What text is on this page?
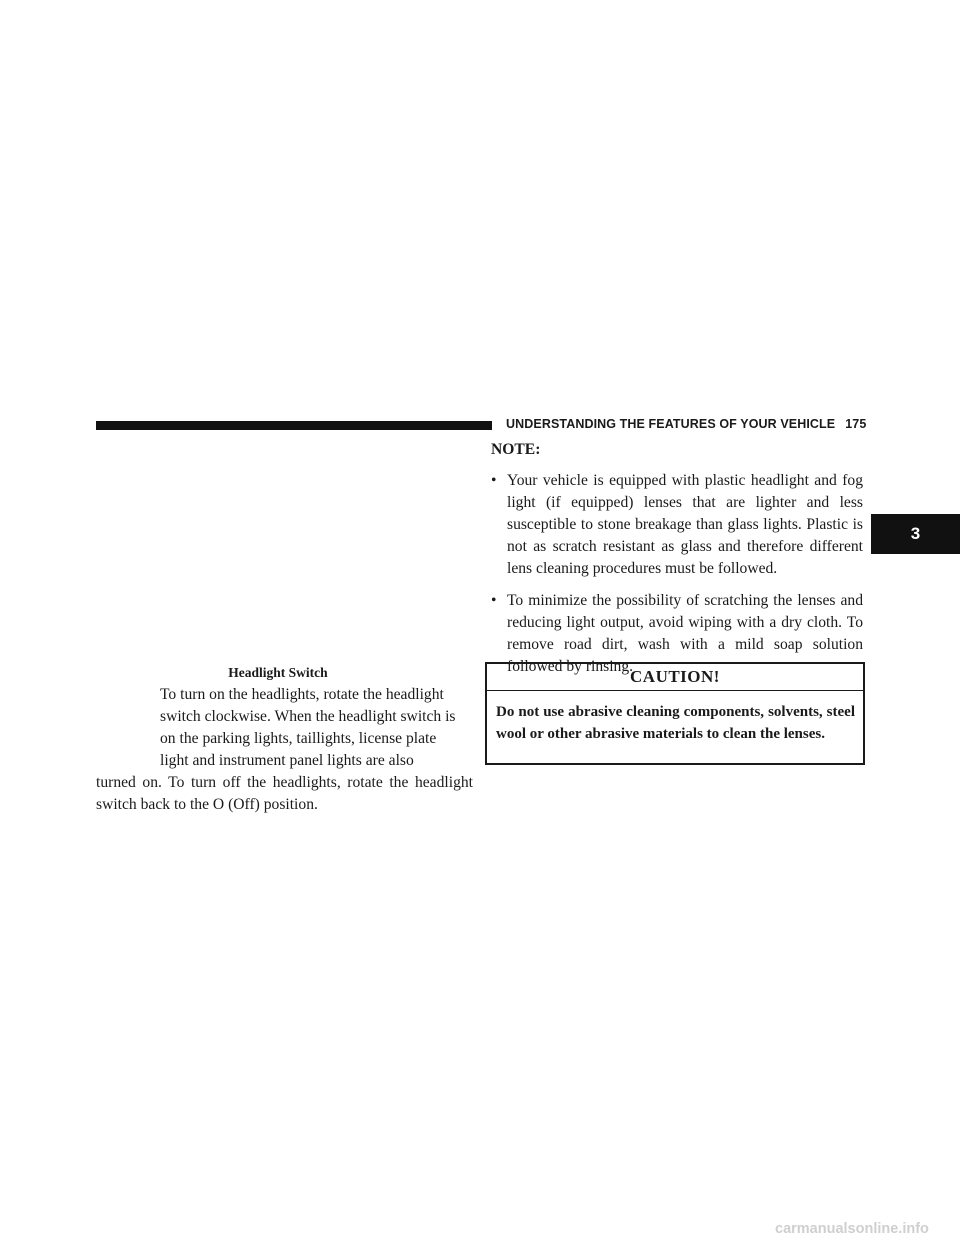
UNDERSTANDING THE FEATURES OF YOUR VEHICLE 175
3
Headlight Switch
To turn on the headlights, rotate the headlight
switch clockwise. When the headlight switch is
on the parking lights, taillights, license plate
light and instrument panel lights are also
turned on. To turn off the headlights, rotate the headlight switch back to the O (Off) position.
NOTE:
• Your vehicle is equipped with plastic headlight and fog light (if equipped) lenses that are lighter and less susceptible to stone breakage than glass lights. Plastic is not as scratch resistant as glass and therefore different lens cleaning procedures must be followed.
• To minimize the possibility of scratching the lenses and reducing light output, avoid wiping with a dry cloth. To remove road dirt, wash with a mild soap solution followed by rinsing.
CAUTION!
Do not use abrasive cleaning components, solvents, steel wool or other abrasive materials to clean the lenses.
carmanualsonline.info
